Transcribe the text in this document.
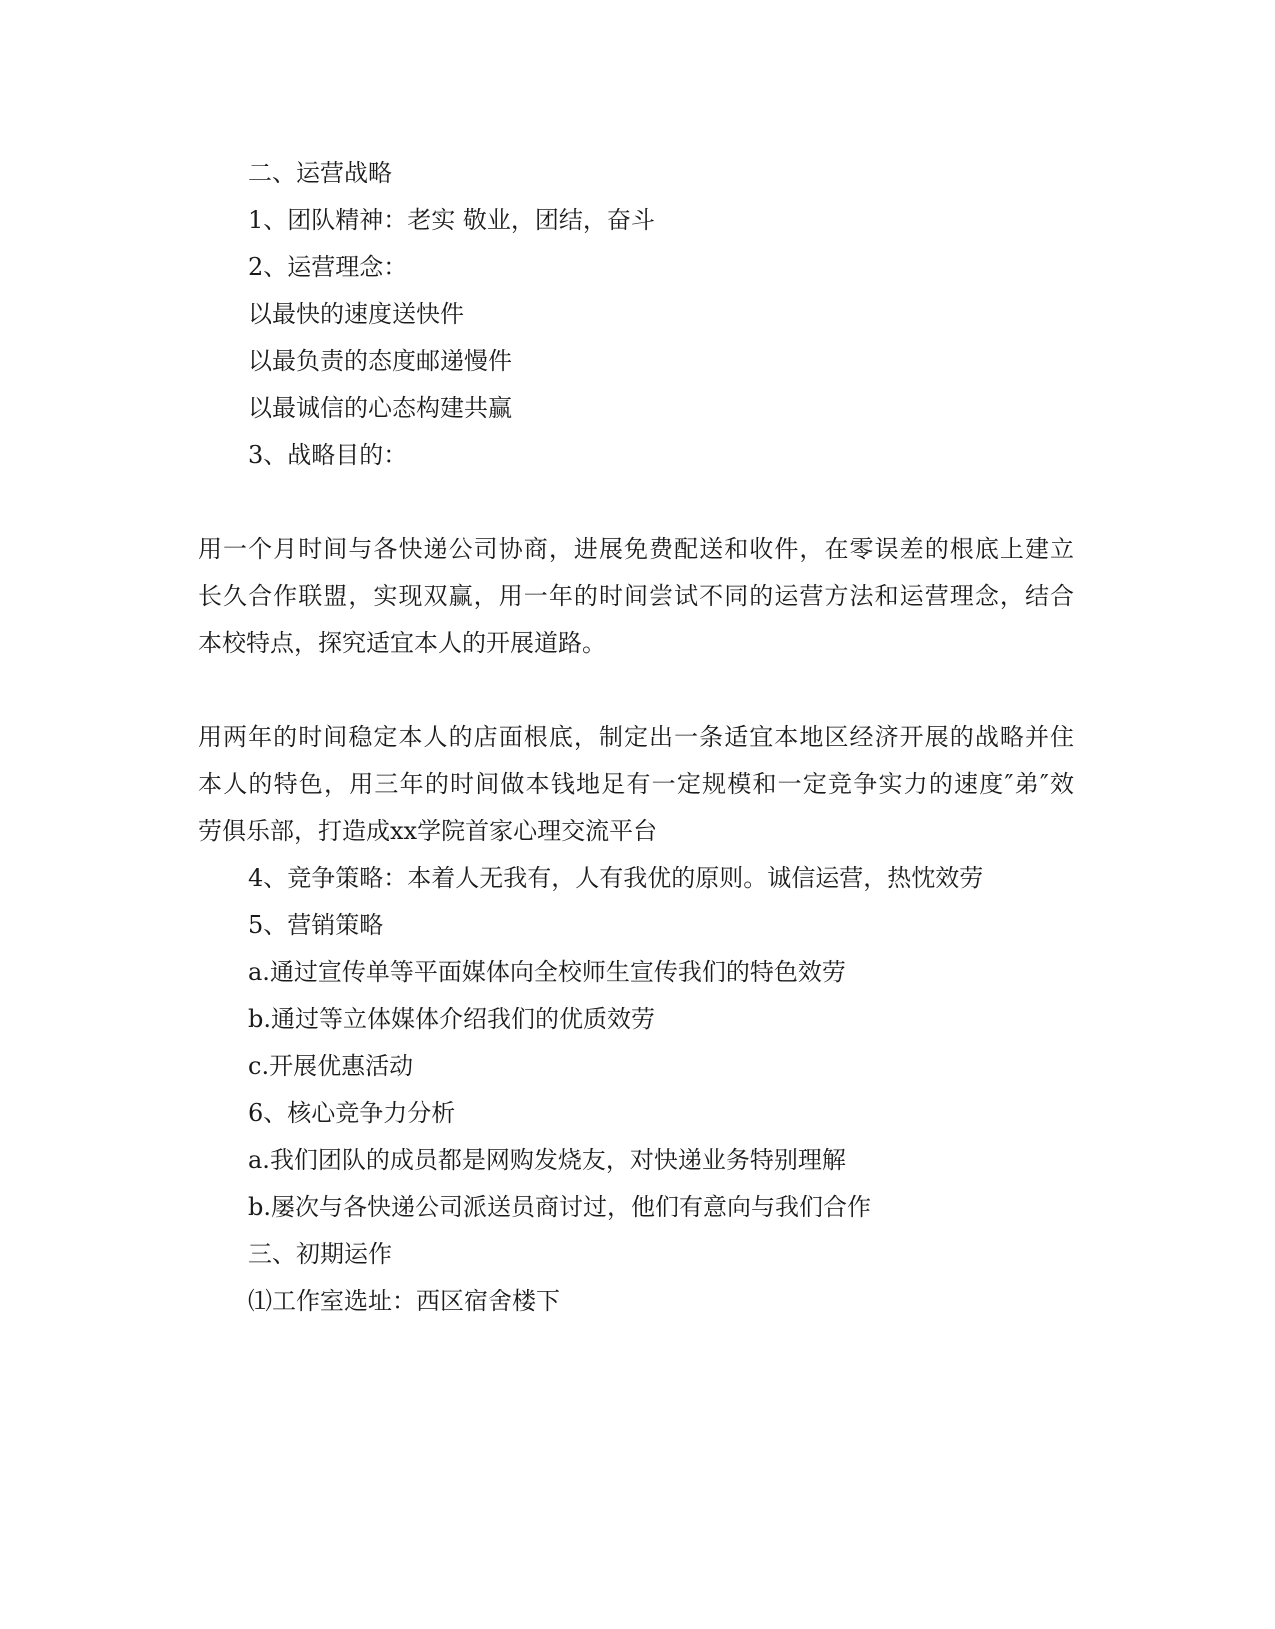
二、运营战略
1、团队精神：老实 敬业，团结，奋斗
2、运营理念：
以最快的速度送快件
以最负责的态度邮递慢件
以最诚信的心态构建共赢
3、战略目的：
用一个月时间与各快递公司协商，进展免费配送和收件，在零误差的根底上建立
长久合作联盟，实现双赢，用一年的时间尝试不同的运营方法和运营理念，结合
本校特点，探究适宜本人的开展道路。
用两年的时间稳定本人的店面根底，制定出一条适宜本地区经济开展的战略并住
本人的特色，用三年的时间做本钱地足有一定规模和一定竞争实力的速度″弟″效
劳俱乐部，打造成xx学院首家心理交流平台
4、竞争策略：本着人无我有，人有我优的原则。诚信运营，热忱效劳
5、营销策略
a.通过宣传单等平面媒体向全校师生宣传我们的特色效劳
b.通过等立体媒体介绍我们的优质效劳
c.开展优惠活动
6、核心竞争力分析
a.我们团队的成员都是网购发烧友，对快递业务特别理解
b.屡次与各快递公司派送员商讨过，他们有意向与我们合作
三、初期运作
⑴工作室选址：西区宿舍楼下
